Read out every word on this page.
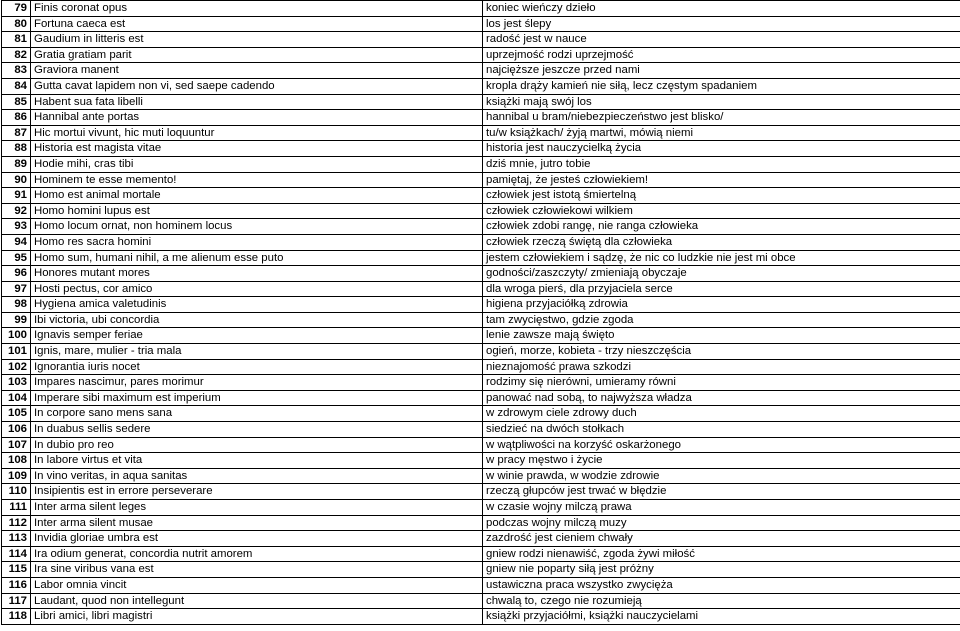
79	Finis coronat opus	koniec wieńczy dzieło
80	Fortuna caeca est	los jest ślepy
81	Gaudium in litteris est	radość jest w nauce
82	Gratia gratiam parit	uprzejmość rodzi uprzejmość
83	Graviora manent	najcięższe jeszcze przed nami
84	Gutta cavat lapidem non vi, sed saepe cadendo	kropla drąży kamień nie siłą, lecz częstym spadaniem
85	Habent sua fata libelli	książki mają swój los
86	Hannibal ante portas	hannibal u bram/niebezpieczeństwo jest blisko/
87	Hic mortui vivunt, hic muti loquuntur	tu/w książkach/ żyją martwi, mówią niemi
88	Historia est magista vitae	historia jest nauczycielką życia
89	Hodie mihi, cras tibi	dziś mnie, jutro tobie
90	Hominem te esse memento!	pamiętaj, że jesteś człowiekiem!
91	Homo est animal mortale	człowiek jest istotą śmiertelną
92	Homo homini lupus est	człowiek człowiekowi wilkiem
93	Homo locum ornat, non hominem locus	człowiek zdobi rangę, nie ranga człowieka
94	Homo res sacra homini	człowiek rzeczą świętą dla człowieka
95	Homo sum, humani nihil, a me alienum esse puto	jestem człowiekiem i sądzę, że nic co ludzkie nie jest mi obce
96	Honores mutant mores	godności/zaszczyty/ zmieniają obyczaje
97	Hosti pectus, cor amico	dla wroga pierś, dla przyjaciela serce
98	Hygiena amica valetudinis	higiena przyjaciółką zdrowia
99	Ibi victoria, ubi concordia	tam zwycięstwo, gdzie zgoda
100	Ignavis semper feriae	lenie zawsze mają święto
101	Ignis, mare, mulier - tria mala	ogień, morze, kobieta - trzy nieszczęścia
102	Ignorantia iuris nocet	nieznajomość prawa szkodzi
103	Impares nascimur, pares morimur	rodzimy się nierówni, umieramy równi
104	Imperare sibi maximum est imperium	panować nad sobą, to najwyższa władza
105	In corpore sano mens sana	w zdrowym ciele zdrowy duch
106	In duabus sellis sedere	siedzieć na dwóch stołkach
107	In dubio pro reo	w wątpliwości na korzyść oskarżonego
108	In labore virtus et vita	w pracy męstwo i życie
109	In vino veritas, in aqua sanitas	w winie prawda, w wodzie zdrowie
110	Insipientis est in errore perseverare	rzeczą głupców jest trwać w błędzie
111	Inter arma silent leges	w czasie wojny milczą prawa
112	Inter arma silent musae	podczas wojny milczą muzy
113	Invidia gloriae umbra est	zazdrość jest cieniem chwały
114	Ira odium generat, concordia nutrit amorem	gniew rodzi nienawiść, zgoda żywi miłość
115	Ira sine viribus vana est	gniew nie poparty siłą jest próżny
116	Labor omnia vincit	ustawiczna praca wszystko zwycięża
117	Laudant, quod non intellegunt	chwalą to, czego nie rozumieją
118	Libri amici, libri magistri	książki przyjaciółmi, książki nauczycielami
